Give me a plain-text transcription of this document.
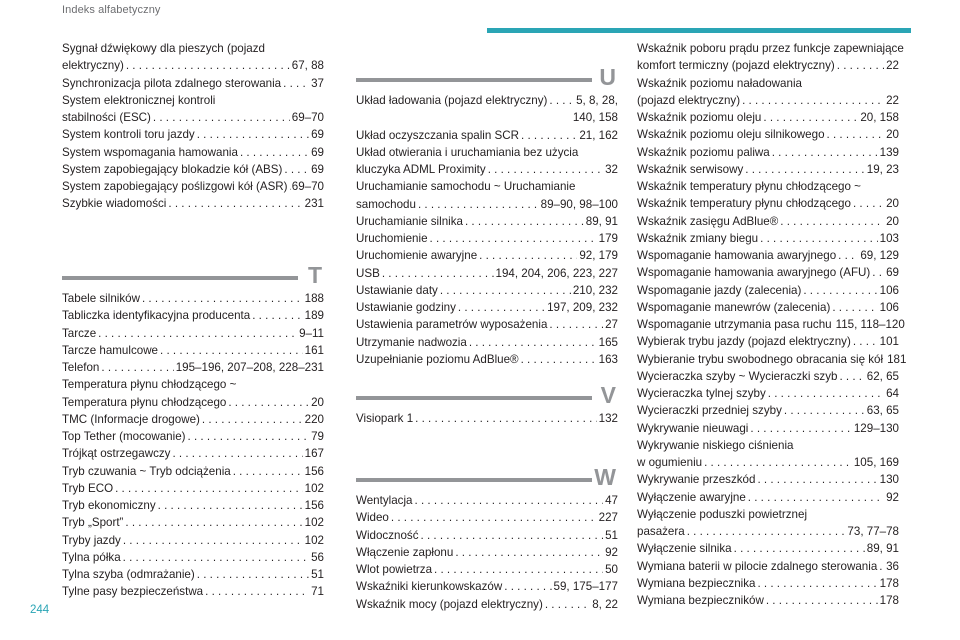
Indeks alfabetyczny
Sygnał dźwiękowy dla pieszych (pojazd
elektryczny) . . .	67, 88
Synchronizacja pilota zdalnego sterowania . . .	37
System elektronicznej kontroli
stabilności (ESC) . . .	69–70
System kontroli toru jazdy . . .	69
System wspomagania hamowania . . .	69
System zapobiegający blokadzie kół (ABS) . . . 69
System zapobiegający poślizgowi kół (ASR) . . . 69–70
Szybkie wiadomości . . .	231
T
Tabele silników . . .	188
Tabliczka identyfikacyjna producenta . . .	189
Tarcze . . .	9–11
Tarcze hamulcowe . . .	161
Telefon . . .	195–196, 207–208, 228–231
Temperatura płynu chłodzącego ~
Temperatura płynu chłodzącego . . .	20
TMC (Informacje drogowe) . . .	220
Top Tether (mocowanie) . . .	79
Trójkąt ostrzegawczy . . .	167
Tryb czuwania ~ Tryb odciążenia . . .	156
Tryb ECO . . .	102
Tryb ekonomiczny . . .	156
Tryb „Sport” . . .	102
Tryby jazdy . . .	102
Tylna półka . . .	56
Tylna szyba (odmrażanie) . . .	51
Tylne pasy bezpieczeństwa . . .	71
U
Układ ładowania (pojazd elektryczny) . . . 5, 8, 28,
140, 158
Układ oczyszczania spalin SCR . . .	21, 162
Układ otwierania i uruchamiania bez użycia
kluczyka ADML Proximity . . .	32
Uruchamianie samochodu ~ Uruchamianie
samochodu . . .	89–90, 98–100
Uruchamianie silnika . . .	89, 91
Uruchomienie . . .	179
Uruchomienie awaryjne . . .	92, 179
USB . . .	194, 204, 206, 223, 227
Ustawianie daty . . .	210, 232
Ustawianie godziny . . .	197, 209, 232
Ustawienia parametrów wyposażenia . . .	27
Utrzymanie nadwozia . . .	165
Uzupełnianie poziomu AdBlue® . . .	163
V
Visiopark 1 . . .	132
W
Wentylacja . . .	47
Wideo . . .	227
Widoczność . . .	51
Włączenie zapłonu . . .	92
Wlot powietrza . . .	50
Wskaźniki kierunkowskazów . . .	59, 175–177
Wskaźnik mocy (pojazd elektryczny) . . .	8, 22
Wskaźnik poboru prądu przez funkcje zapewniające
komfort termiczny (pojazd elektryczny) . . .	22
Wskaźnik poziomu naładowania
(pojazd elektryczny) . . .	22
Wskaźnik poziomu oleju . . .	20, 158
Wskaźnik poziomu oleju silnikowego . . .	20
Wskaźnik poziomu paliwa . . .	139
Wskaźnik serwisowy . . .	19, 23
Wskaźnik temperatury płynu chłodzącego ~
Wskaźnik temperatury płynu chłodzącego . . .	20
Wskaźnik zasięgu AdBlue® . . .	20
Wskaźnik zmiany biegu . . .	103
Wspomaganie hamowania awaryjnego . . . 69, 129
Wspomaganie hamowania awaryjnego (AFU) . . . 69
Wspomaganie jazdy (zalecenia) . . .	106
Wspomaganie manewrów (zalecenia) . . .	106
Wspomaganie utrzymania pasa ruchu 115, 118–120
Wybierak trybu jazdy (pojazd elektryczny) . . . 101
Wybieranie trybu swobodnego obracania się kół 181
Wycieraczka szyby ~ Wycieraczki szyb . . .	62, 65
Wycieraczka tylnej szyby . . .	64
Wycieraczki przedniej szyby . . .	63, 65
Wykrywanie nieuwagi . . .	129–130
Wykrywanie niskiego ciśnienia
w ogumieniu . . .	105, 169
Wykrywanie przeszkód . . .	130
Wyłączenie awaryjne . . .	92
Wyłączenie poduszki powietrznej
pasażera . . .	73, 77–78
Wyłączenie silnika . . .	89, 91
Wymiana baterii w pilocie zdalnego sterowania . . . 36
Wymiana bezpiecznika . . .	178
Wymiana bezpieczników . . .	178
244
